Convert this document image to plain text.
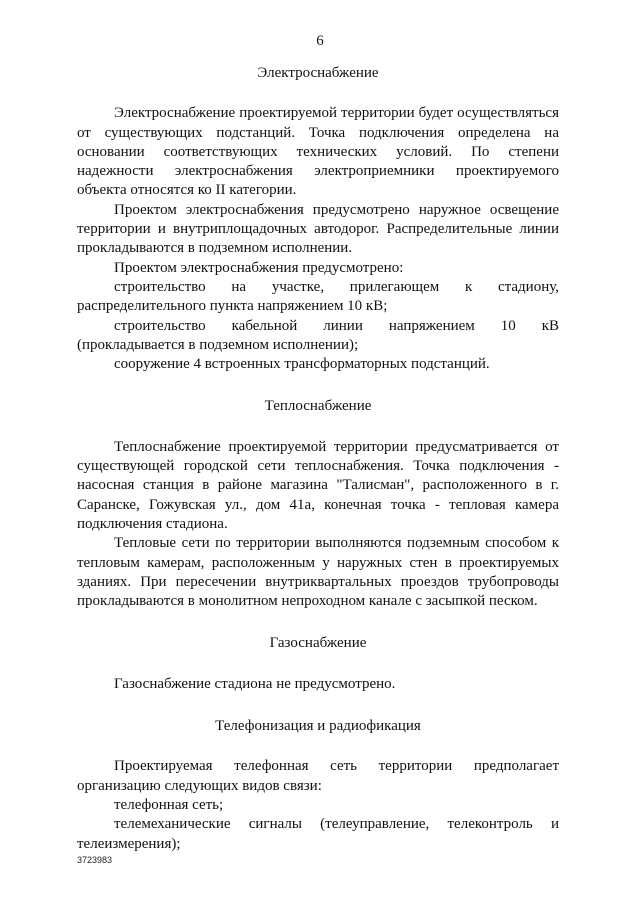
6
Электроснабжение

Электроснабжение проектируемой территории будет осуществляться от существующих подстанций. Точка подключения определена на основании соответствующих технических условий. По степени надежности электроснабжения электроприемники проектируемого объекта относятся ко II категории.

Проектом электроснабжения предусмотрено наружное освещение территории и внутриплощадочных автодорог. Распределительные линии прокладываются в подземном исполнении.

Проектом электроснабжения предусмотрено:

строительство на участке, прилегающем к стадиону, распределительного пункта напряжением 10 кВ;

строительство кабельной линии напряжением 10 кВ (прокладывается в подземном исполнении);

сооружение 4 встроенных трансформаторных подстанций.

Теплоснабжение

Теплоснабжение проектируемой территории предусматривается от существующей городской сети теплоснабжения. Точка подключения - насосная станция в районе магазина "Талисман", расположенного в г. Саранске, Гожувская ул., дом 41а, конечная точка - тепловая камера подключения стадиона.

Тепловые сети по территории выполняются подземным способом к тепловым камерам, расположенным у наружных стен в проектируемых зданиях. При пересечении внутриквартальных проездов трубопроводы прокладываются в монолитном непроходном канале с засыпкой песком.

Газоснабжение

Газоснабжение стадиона не предусмотрено.

Телефонизация и радиофикация

Проектируемая телефонная сеть территории предполагает организацию следующих видов связи:

телефонная сеть;

телемеханические сигналы (телеуправление, телеконтроль и телеизмерения);

3723983
